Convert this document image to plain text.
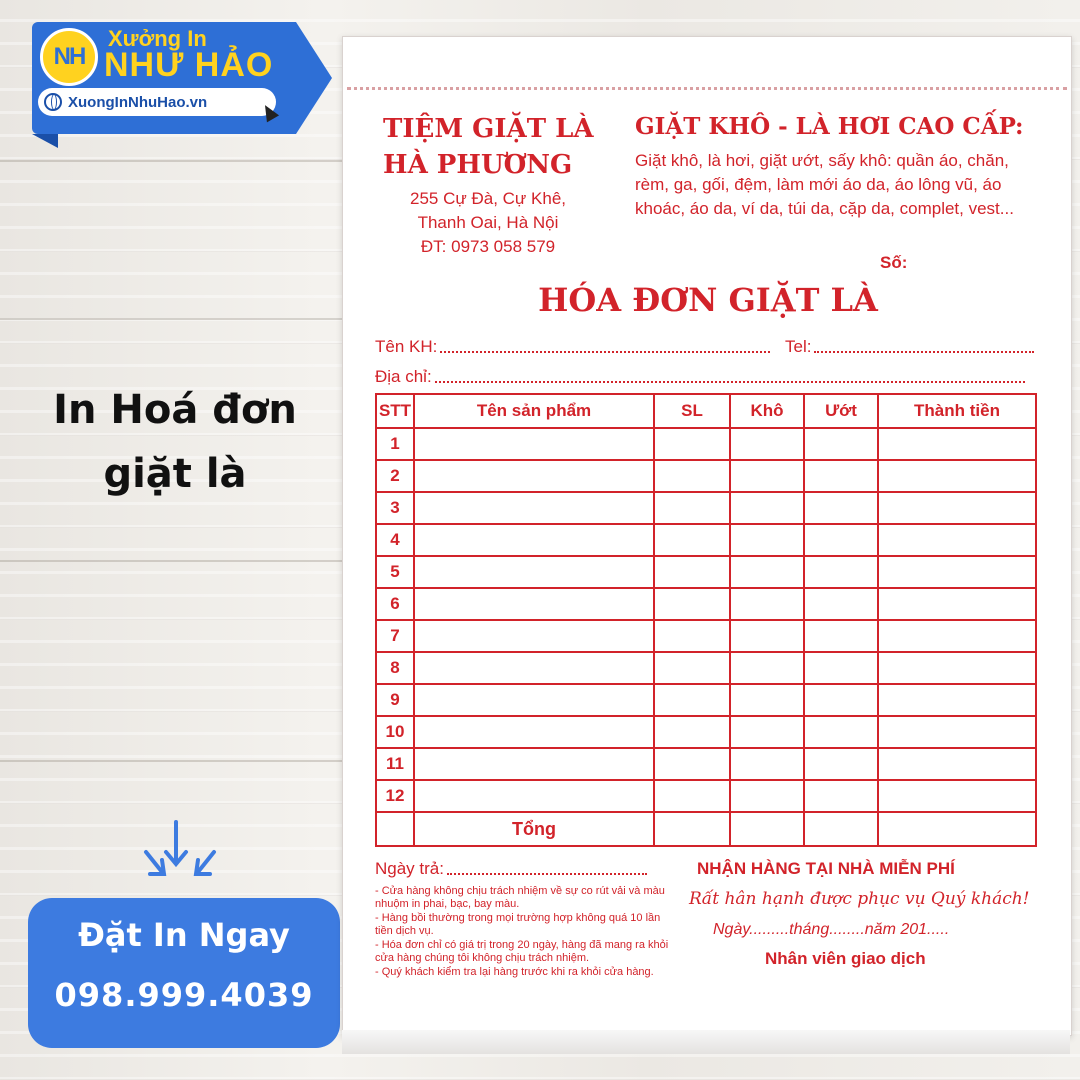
NH
Xưởng In
NHƯ HẢO
XuongInNhuHao.vn
In Hoá đơn
giặt là
Đặt In Ngay
098.999.4039
TIỆM GIẶT LÀ
HÀ PHƯƠNG
255 Cự Đà, Cự Khê,
Thanh Oai, Hà Nội
ĐT: 0973 058 579
GIẶT KHÔ - LÀ HƠI CAO CẤP:
Giặt khô, là hơi, giặt ướt, sấy khô: quần áo, chăn, rèm, ga, gối, đệm, làm mới áo da, áo lông vũ, áo khoác, áo da, ví da, túi da, cặp da, complet, vest...
Số:
HÓA ĐƠN GIẶT LÀ
Tên KH:	Tel:
Địa chỉ:
STT	Tên sản phẩm	SL	Khô	Ướt	Thành tiền
1					
2					
3					
4					
5					
6					
7					
8					
9					
10					
11					
12					
	Tổng				
Ngày trả:
- Cửa hàng không chịu trách nhiệm về sự co rút vải và màu nhuộm in phai, bạc, bay màu.
- Hàng bồi thường trong mọi trường hợp không quá 10 lần tiền dịch vụ.
- Hóa đơn chỉ có giá trị trong 20 ngày, hàng đã mang ra khỏi cửa hàng chúng tôi không chịu trách nhiệm.
- Quý khách kiểm tra lại hàng trước khi ra khỏi cửa hàng.
NHẬN HÀNG TẠI NHÀ MIỄN PHÍ
Rất hân hạnh được phục vụ Quý khách!
Ngày.........tháng........năm 201.....
Nhân viên giao dịch
